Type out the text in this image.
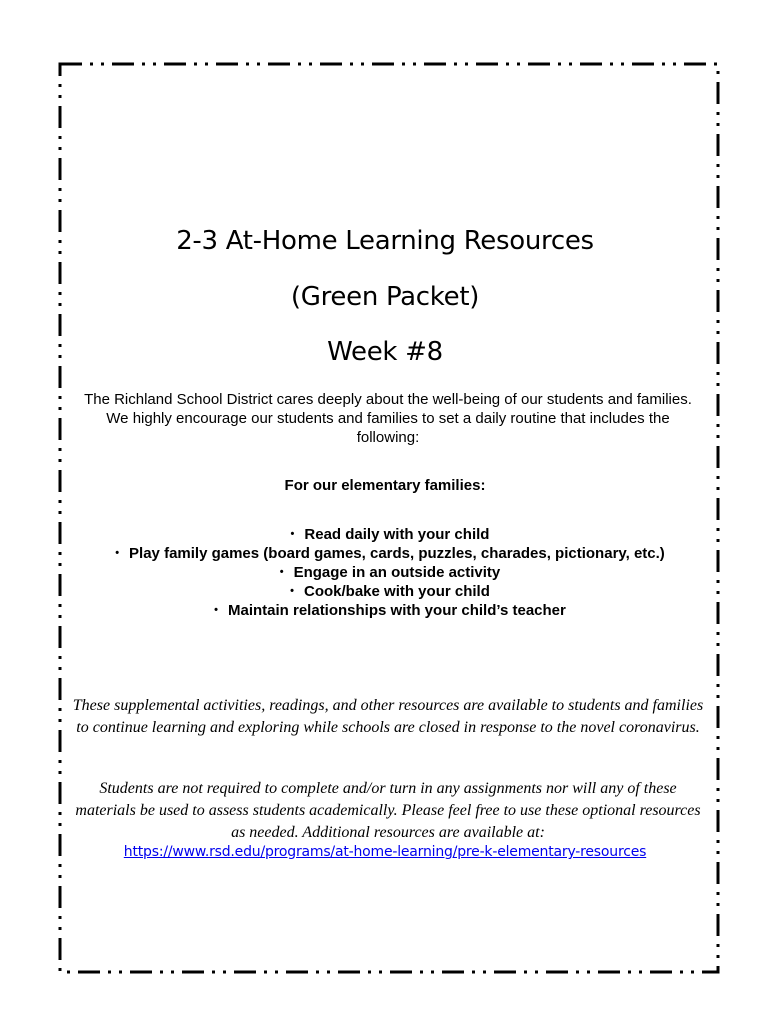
2-3 At-Home Learning Resources
(Green Packet)
Week #8
The Richland School District cares deeply about the well-being of our students and families. We highly encourage our students and families to set a daily routine that includes the following:
For our elementary families:
• Read daily with your child
• Play family games (board games, cards, puzzles, charades, pictionary, etc.)
• Engage in an outside activity
• Cook/bake with your child
• Maintain relationships with your child’s teacher
These supplemental activities, readings, and other resources are available to students and families to continue learning and exploring while schools are closed in response to the novel coronavirus.
Students are not required to complete and/or turn in any assignments nor will any of these materials be used to assess students academically. Please feel free to use these optional resources as needed. Additional resources are available at:
https://www.rsd.edu/programs/at-home-learning/pre-k-elementary-resources
